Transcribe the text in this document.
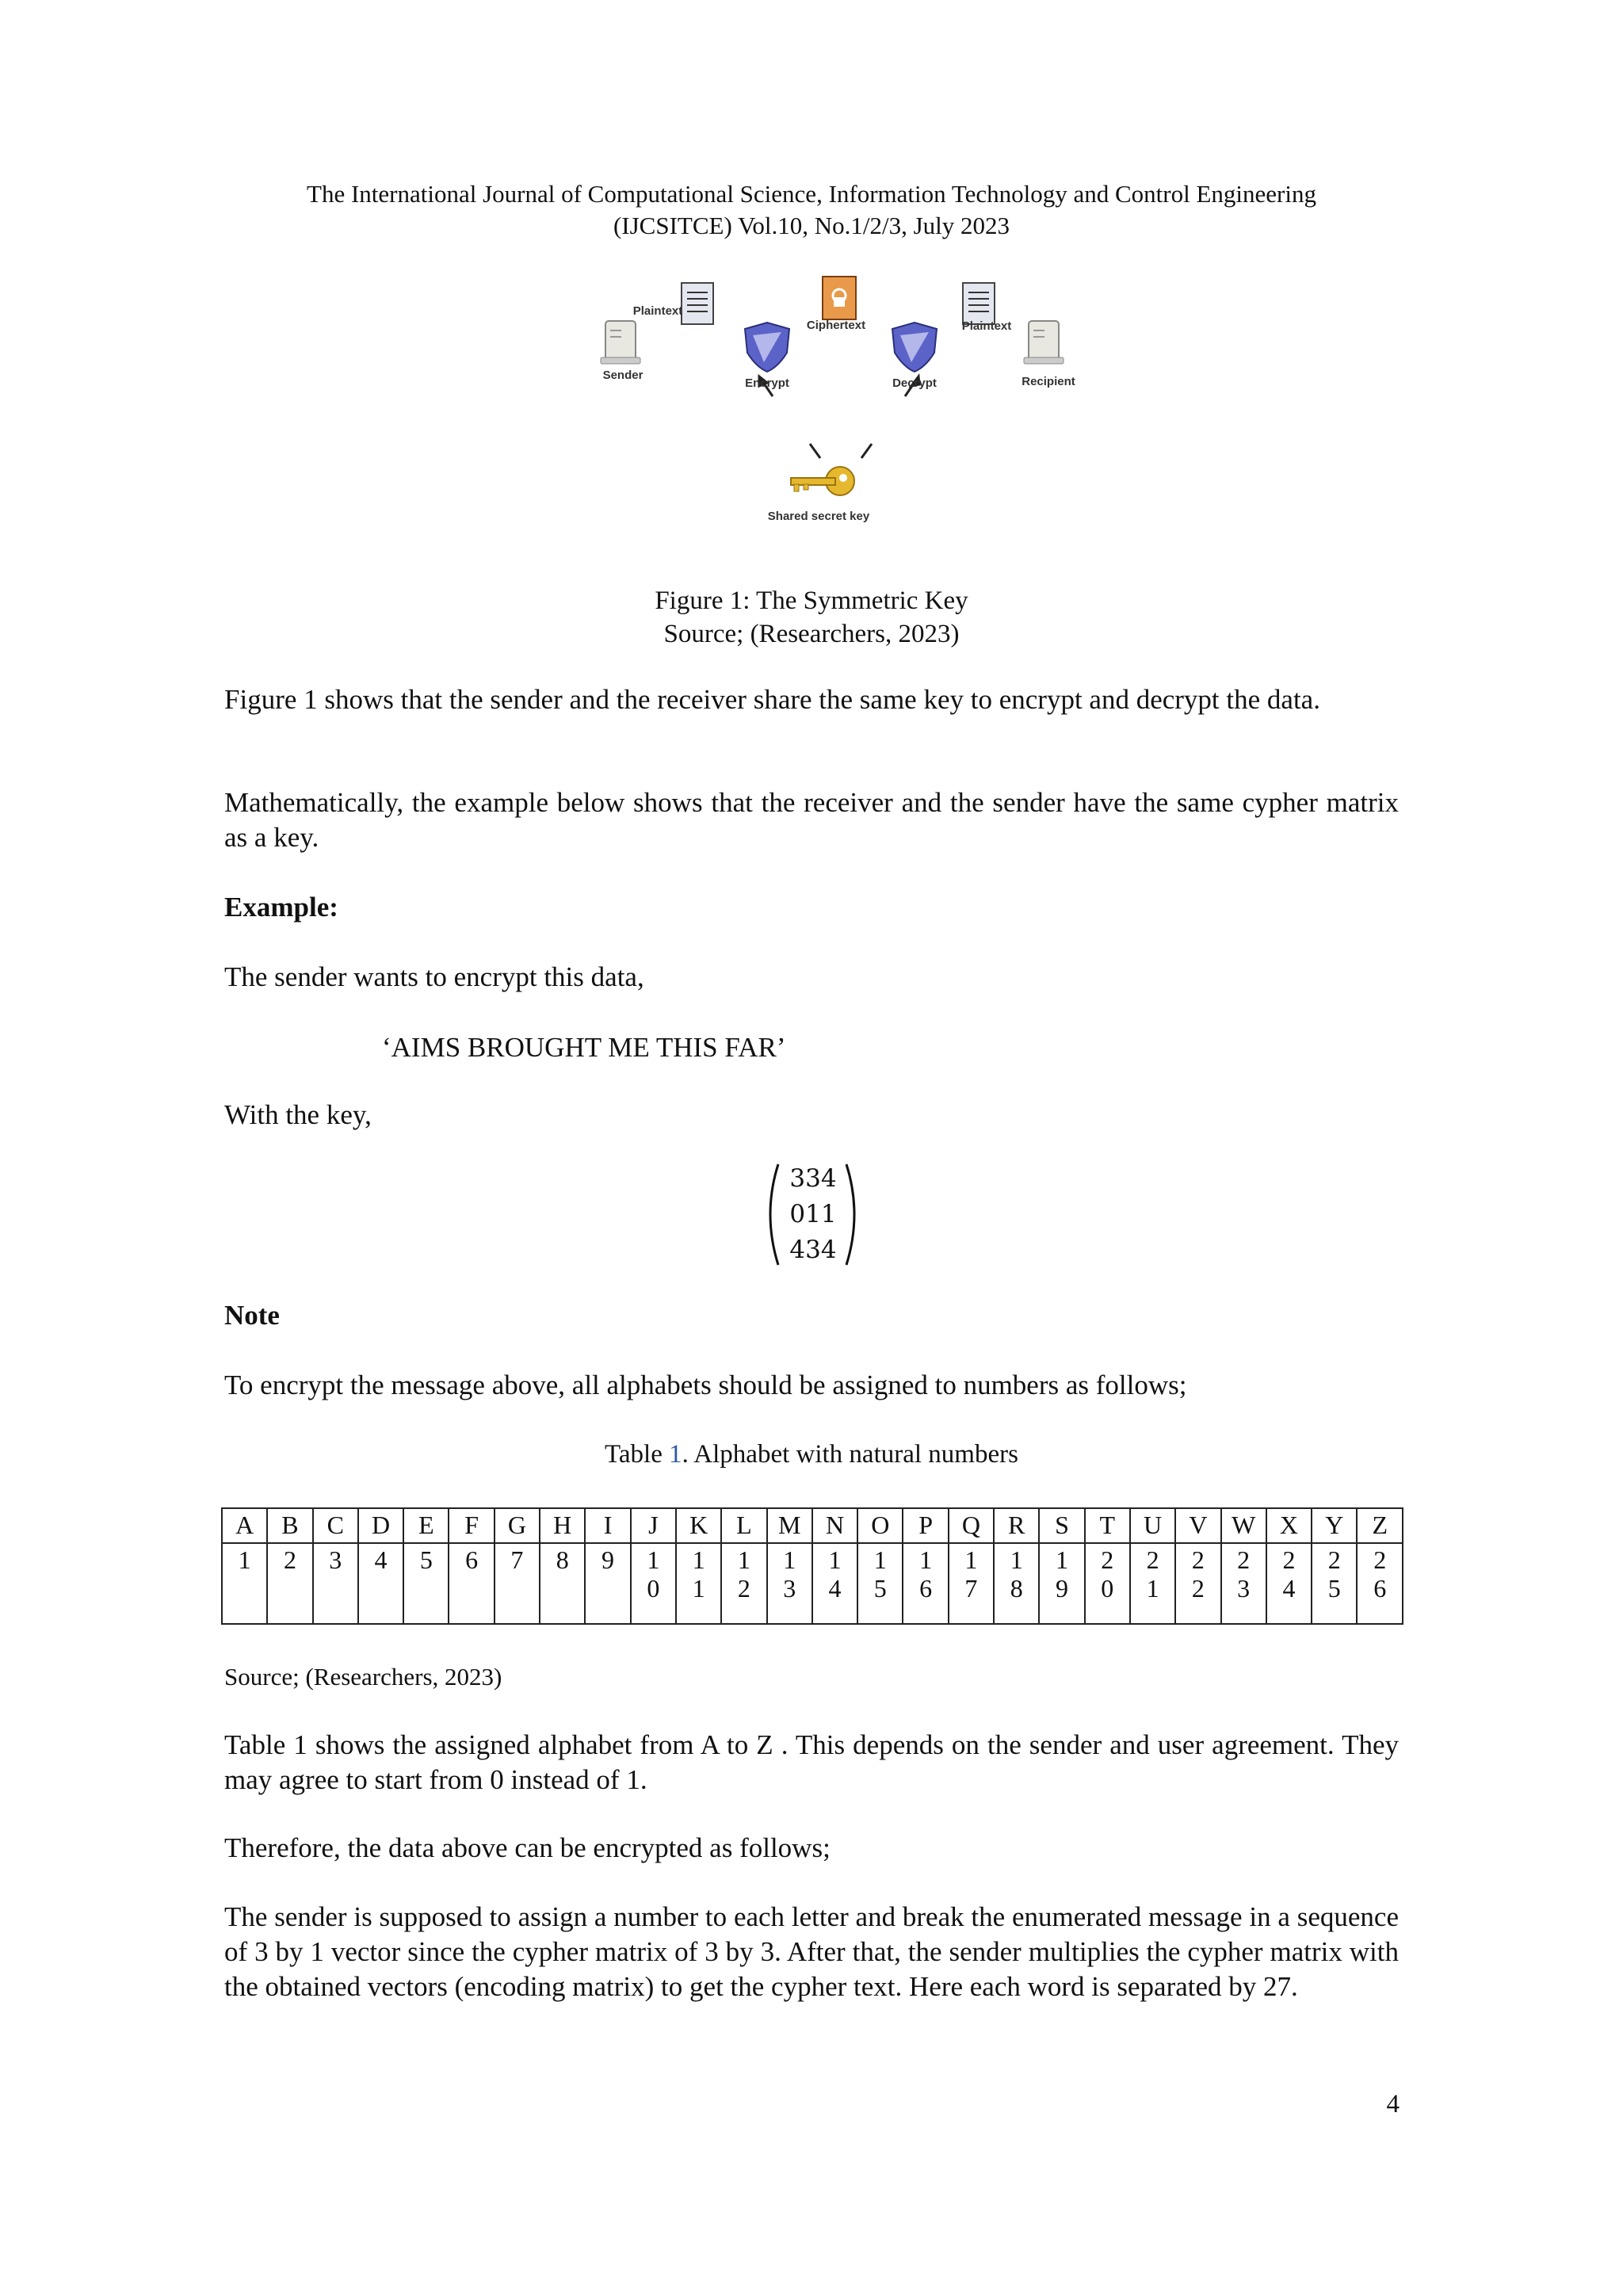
The International Journal of Computational Science, Information Technology and Control Engineering
(IJCSITCE) Vol.10, No.1/2/3, July 2023
Plaintext
Ciphertext	Plaintext
Sender
Encrypt	Decrypt	Recipient
Shared secret key
Figure 1: The Symmetric Key
Source; (Researchers, 2023)
Figure 1 shows that the sender and the receiver share the same key to encrypt and decrypt the data.
Mathematically, the example below shows that the receiver and the sender have the same cypher matrix as a key.
Example:
The sender wants to encrypt this data,
‘AIMS BROUGHT ME THIS FAR’
With the key,
334
011
434
Note
To encrypt the message above, all alphabets should be assigned to numbers as follows;
Table 1. Alphabet with natural numbers
A	B	C	D	E	F	G	H	I	J	K	L	M	N	O	P	Q	R	S	T	U	V	W	X	Y	Z

1	2	3	4	5	6	7	8	9	10	11	12	13	14	15	16	17	18	19	20	21	22	23	24	25	26
Source; (Researchers, 2023)
Table 1 shows the assigned alphabet from A to Z . This depends on the sender and user agreement. They may agree to start from 0 instead of 1.
Therefore, the data above can be encrypted as follows;
The sender is supposed to assign a number to each letter and break the enumerated message in a sequence of 3 by 1 vector since the cypher matrix of 3 by 3. After that, the sender multiplies the cypher matrix with the obtained vectors (encoding matrix) to get the cypher text. Here each word is separated by 27.
4
